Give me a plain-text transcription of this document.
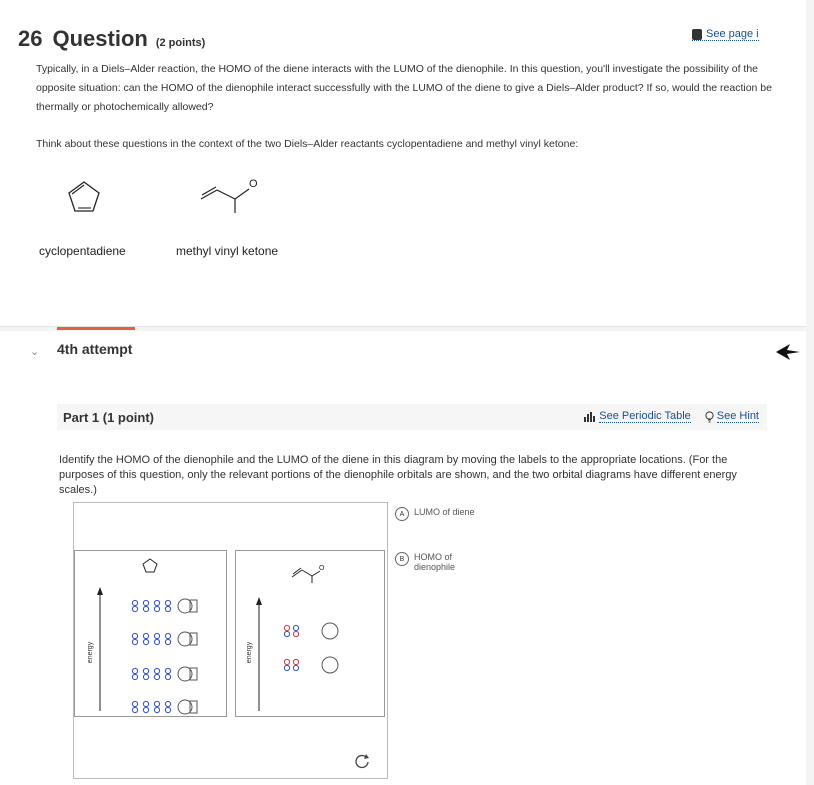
26 Question (2 points)
See page i
Typically, in a Diels–Alder reaction, the HOMO of the diene interacts with the LUMO of the dienophile. In this question, you'll investigate the possibility of the opposite situation: can the HOMO of the dienophile interact successfully with the LUMO of the diene to give a Diels–Alder product? If so, would the reaction be thermally or photochemically allowed?
Think about these questions in the context of the two Diels–Alder reactants cyclopentadiene and methyl vinyl ketone:
O
cyclopentadiene	methyl vinyl ketone
⌄ 4th attempt
Part 1 (1 point)	See Periodic Table See Hint
Identify the HOMO of the dienophile and the LUMO of the diene in this diagram by moving the labels to the appropriate locations. (For the purposes of this question, only the relevant portions of the dienophile orbitals are shown, and the two orbital diagrams have different energy scales.)
A	LUMO of diene
B	HOMO of dienophile
energy
O
energy
